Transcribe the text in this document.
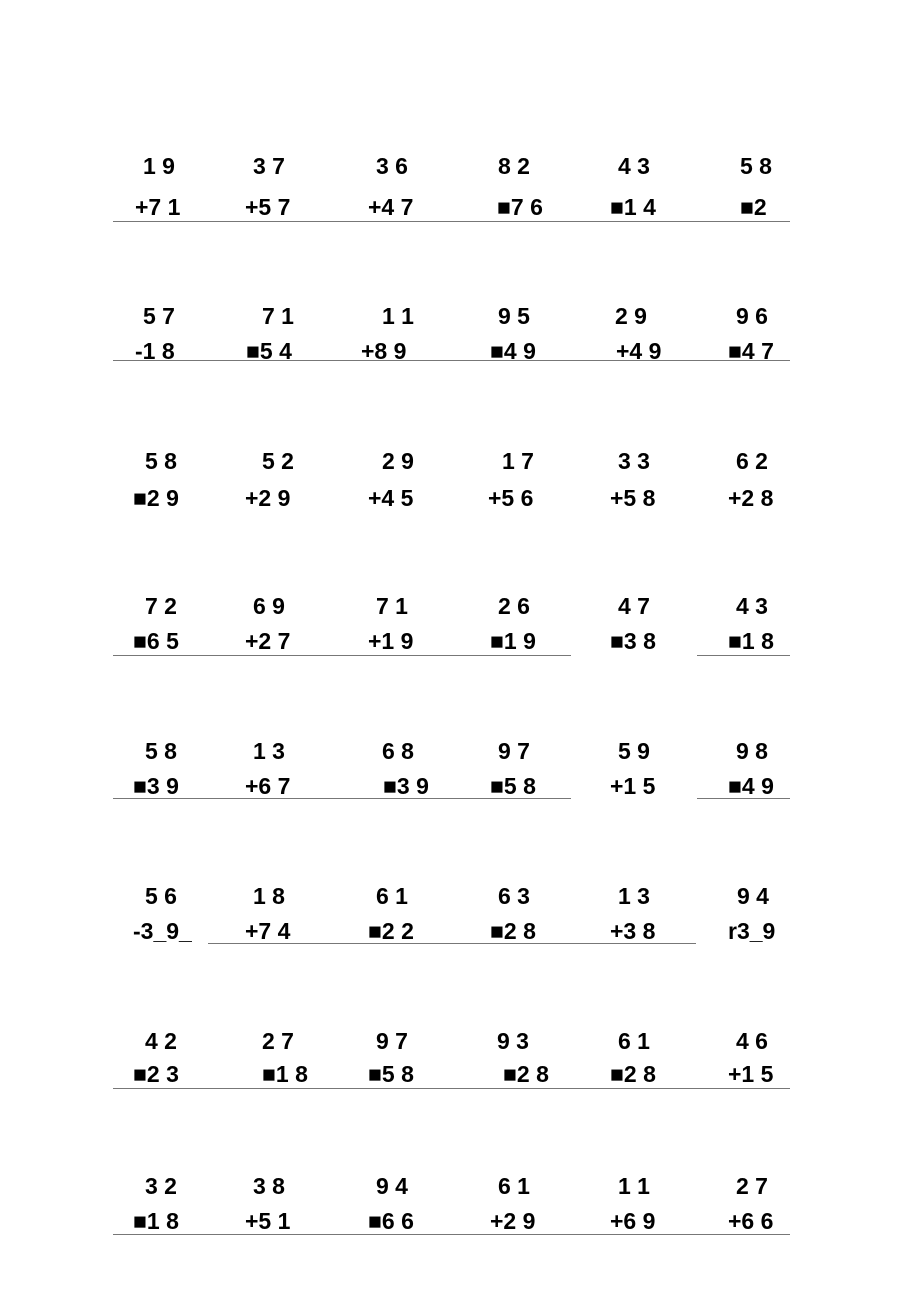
1 9
+7 1
3 7
+5 7
3 6
+4 7
8 2
■7 6
4 3
■1 4
5 8
■2
5 7
-1 8
7 1
■5 4
1 1
+8 9
9 5
■4 9
2 9
+4 9
9 6
■4 7
5 8
■2 9
5 2
+2 9
2 9
+4 5
1 7
+5 6
3 3
+5 8
6 2
+2 8
7 2
■6 5
6 9
+2 7
7 1
+1 9
2 6
■1 9
4 7
■3 8
4 3
■1 8
5 8
■3 9
1 3
+6 7
6 8
■3 9
9 7
■5 8
5 9
+1 5
9 8
■4 9
5 6
-3_9_
1 8
+7 4
6 1
■2 2
6 3
■2 8
1 3
+3 8
9 4
r3_9
4 2
■2 3
2 7
■1 8
9 7
■5 8
9 3
■2 8
6 1
■2 8
4 6
+1 5
3 2
■1 8
3 8
+5 1
9 4
■6 6
6 1
+2 9
1 1
+6 9
2 7
+6 6
